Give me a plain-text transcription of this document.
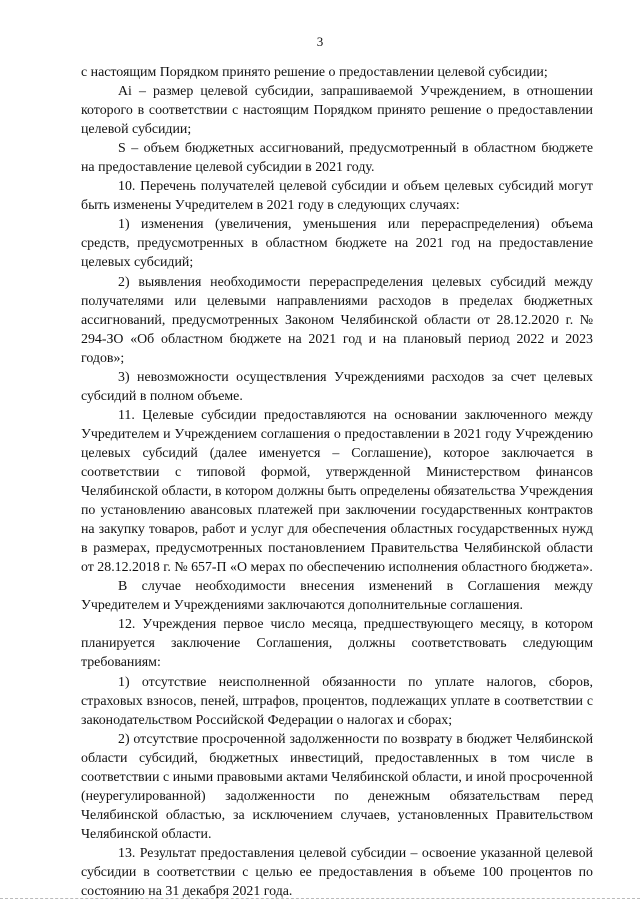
3

с настоящим Порядком принято решение о предоставлении целевой субсидии;

Ai – размер целевой субсидии, запрашиваемой Учреждением, в отношении которого в соответствии с настоящим Порядком принято решение о предоставлении целевой субсидии;

S – объем бюджетных ассигнований, предусмотренный в областном бюджете на предоставление целевой субсидии в 2021 году.

10. Перечень получателей целевой субсидии и объем целевых субсидий могут быть изменены Учредителем в 2021 году в следующих случаях:

1) изменения (увеличения, уменьшения или перераспределения) объема средств, предусмотренных в областном бюджете на 2021 год на предоставление целевых субсидий;

2) выявления необходимости перераспределения целевых субсидий между получателями или целевыми направлениями расходов в пределах бюджетных ассигнований, предусмотренных Законом Челябинской области от 28.12.2020 г. № 294-ЗО «Об областном бюджете на 2021 год и на плановый период 2022 и 2023 годов»;

3) невозможности осуществления Учреждениями расходов за счет целевых субсидий в полном объеме.

11. Целевые субсидии предоставляются на основании заключенного между Учредителем и Учреждением соглашения о предоставлении в 2021 году Учреждению целевых субсидий (далее именуется – Соглашение), которое заключается в соответствии с типовой формой, утвержденной Министерством финансов Челябинской области, в котором должны быть определены обязательства Учреждения по установлению авансовых платежей при заключении государственных контрактов на закупку товаров, работ и услуг для обеспечения областных государственных нужд в размерах, предусмотренных постановлением Правительства Челябинской области от 28.12.2018 г. № 657-П «О мерах по обеспечению исполнения областного бюджета».

В случае необходимости внесения изменений в Соглашения между Учредителем и Учреждениями заключаются дополнительные соглашения.

12. Учреждения первое число месяца, предшествующего месяцу, в котором планируется заключение Соглашения, должны соответствовать следующим требованиям:

1) отсутствие неисполненной обязанности по уплате налогов, сборов, страховых взносов, пеней, штрафов, процентов, подлежащих уплате в соответствии с законодательством Российской Федерации о налогах и сборах;

2) отсутствие просроченной задолженности по возврату в бюджет Челябинской области субсидий, бюджетных инвестиций, предоставленных в том числе в соответствии с иными правовыми актами Челябинской области, и иной просроченной (неурегулированной) задолженности по денежным обязательствам перед Челябинской областью, за исключением случаев, установленных Правительством Челябинской области.

13. Результат предоставления целевой субсидии – освоение указанной целевой субсидии в соответствии с целью ее предоставления в объеме 100 процентов по состоянию на 31 декабря 2021 года.
